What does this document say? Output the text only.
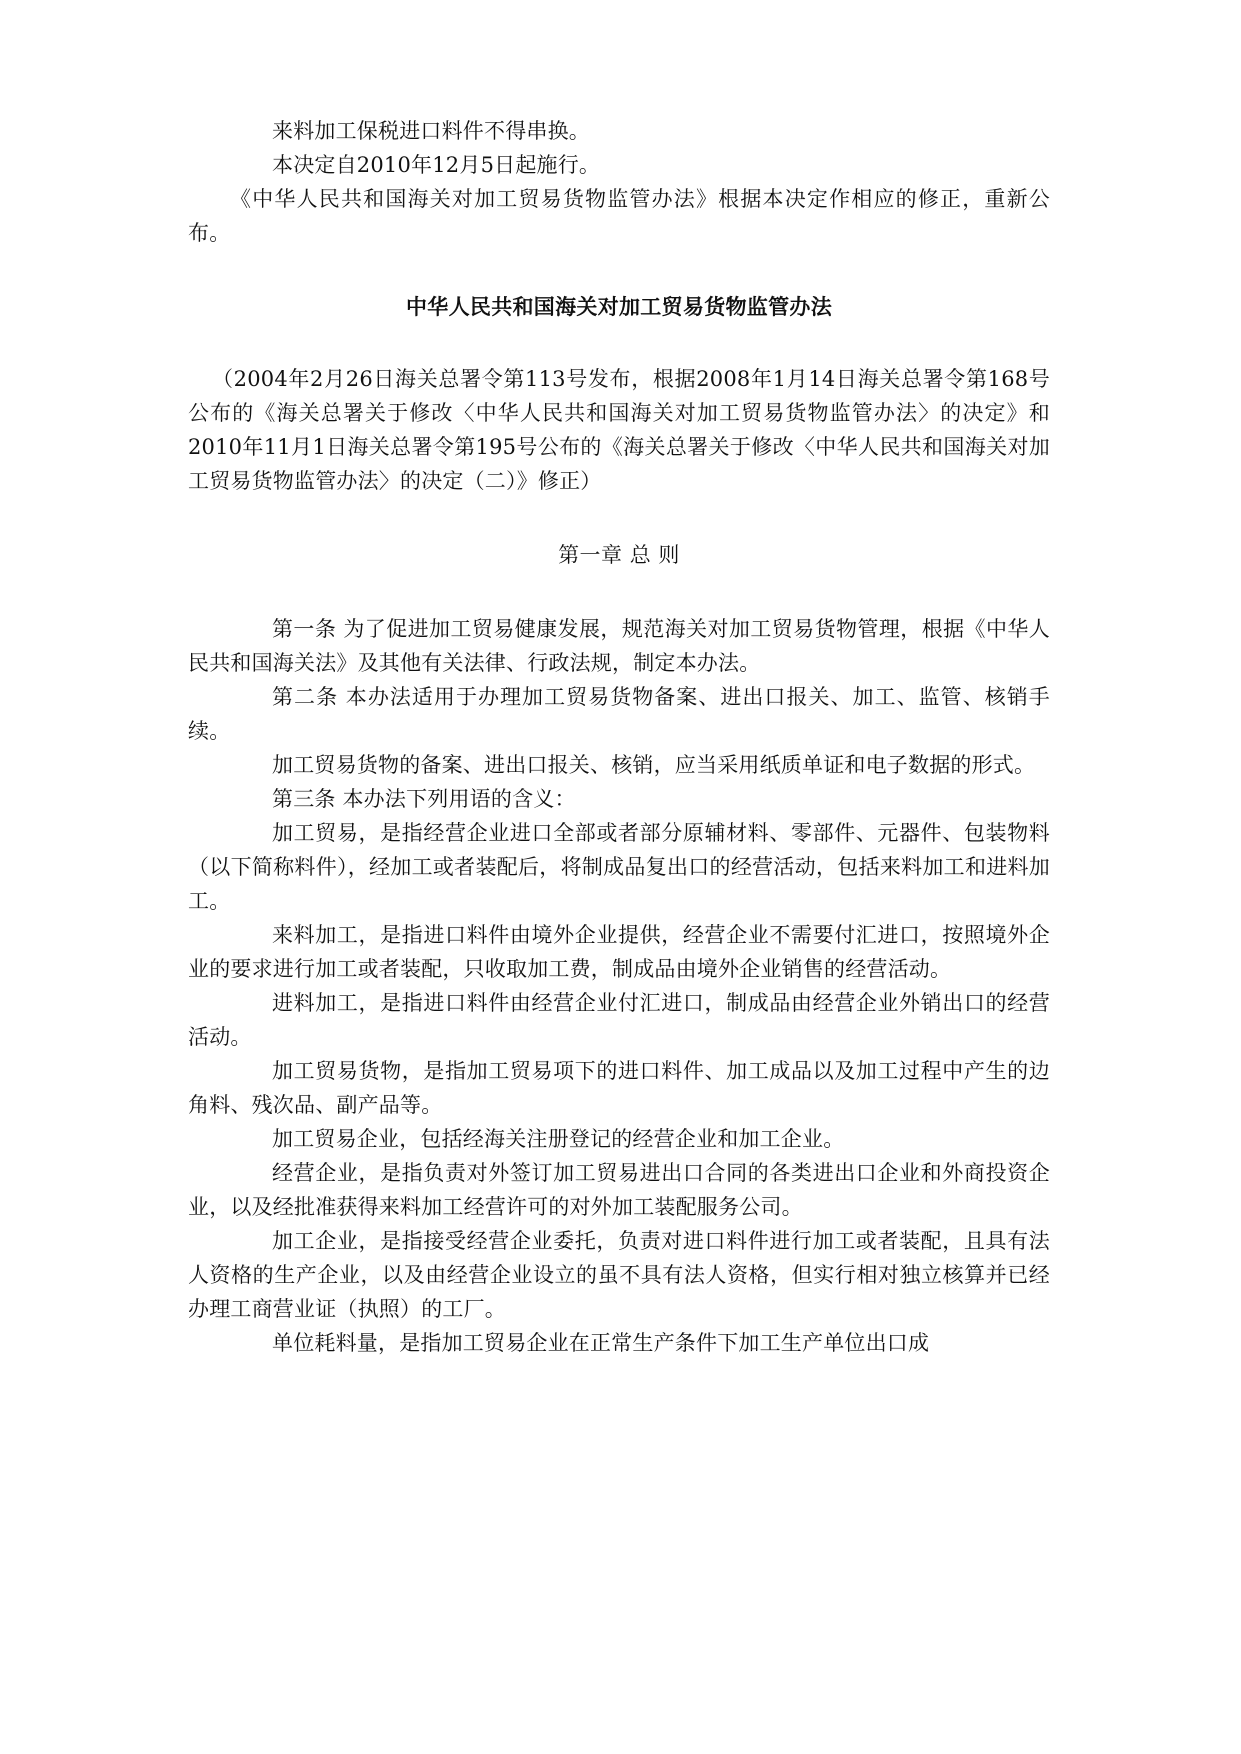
来料加工保税进口料件不得串换。

本决定自2010年12月5日起施行。

《中华人民共和国海关对加工贸易货物监管办法》根据本决定作相应的修正，重新公布。

中华人民共和国海关对加工贸易货物监管办法

（2004年2月26日海关总署令第113号发布，根据2008年1月14日海关总署令第168号公布的《海关总署关于修改〈中华人民共和国海关对加工贸易货物监管办法〉的决定》和2010年11月1日海关总署令第195号公布的《海关总署关于修改〈中华人民共和国海关对加工贸易货物监管办法〉的决定（二）》修正）

第一章 总 则

第一条 为了促进加工贸易健康发展，规范海关对加工贸易货物管理，根据《中华人民共和国海关法》及其他有关法律、行政法规，制定本办法。

第二条 本办法适用于办理加工贸易货物备案、进出口报关、加工、监管、核销手续。

加工贸易货物的备案、进出口报关、核销，应当采用纸质单证和电子数据的形式。

第三条 本办法下列用语的含义：

加工贸易，是指经营企业进口全部或者部分原辅材料、零部件、元器件、包装物料（以下简称料件），经加工或者装配后，将制成品复出口的经营活动，包括来料加工和进料加工。

来料加工，是指进口料件由境外企业提供，经营企业不需要付汇进口，按照境外企业的要求进行加工或者装配，只收取加工费，制成品由境外企业销售的经营活动。

进料加工，是指进口料件由经营企业付汇进口，制成品由经营企业外销出口的经营活动。

加工贸易货物，是指加工贸易项下的进口料件、加工成品以及加工过程中产生的边角料、残次品、副产品等。

加工贸易企业，包括经海关注册登记的经营企业和加工企业。

经营企业，是指负责对外签订加工贸易进出口合同的各类进出口企业和外商投资企业，以及经批准获得来料加工经营许可的对外加工装配服务公司。

加工企业，是指接受经营企业委托，负责对进口料件进行加工或者装配，且具有法人资格的生产企业，以及由经营企业设立的虽不具有法人资格，但实行相对独立核算并已经办理工商营业证（执照）的工厂。

单位耗料量，是指加工贸易企业在正常生产条件下加工生产单位出口成
